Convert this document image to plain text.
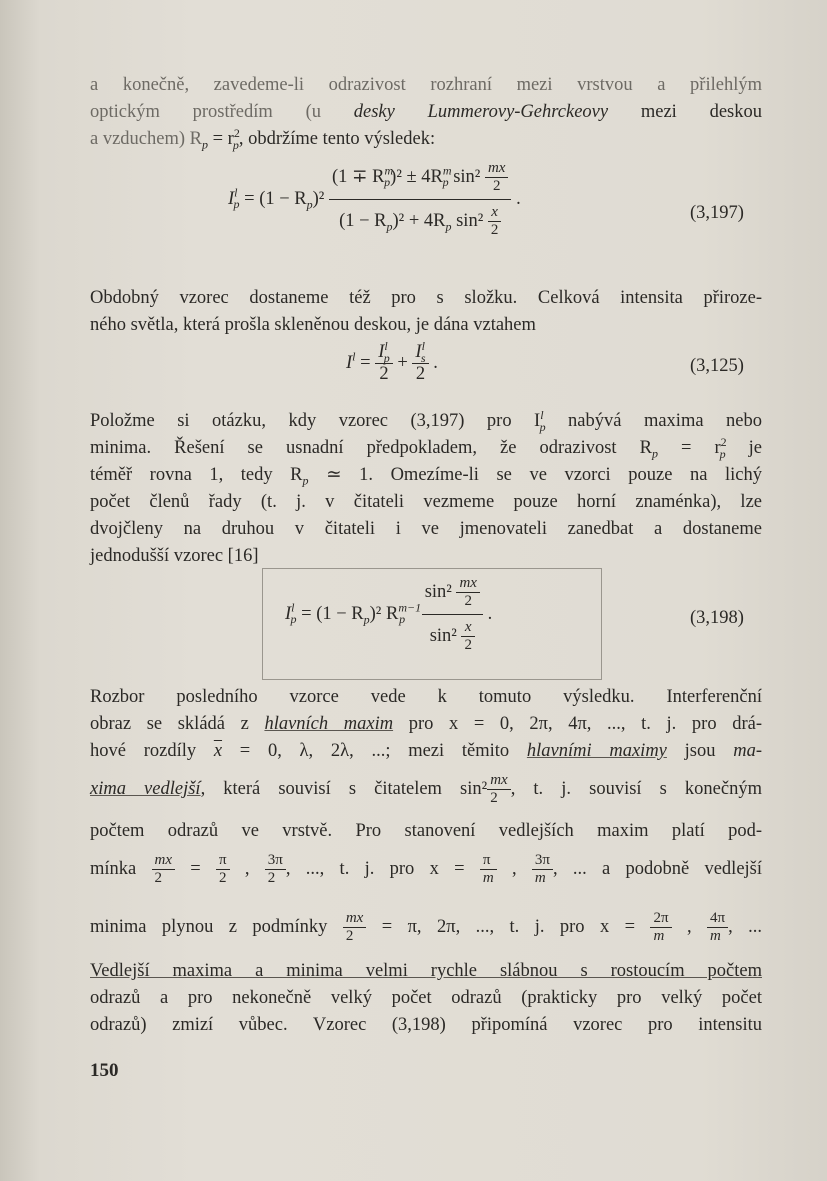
a konečně, zavedeme-li odrazivost rozhraní mezi vrstvou a přilehlým
optickým prostředím (u desky Lummerovy-Gehrckeovy mezi deskou
a vzduchem) $R_p = r^2_p$, obdržíme tento výsledek:
$I^l_p = (1 - R_p)^2 \frac{(1 \mp R^m_p)^2 \pm 4R^m_p \sin^2 \frac{mx}{2}}{(1 - R_p)^2 + 4R_p \sin^2 \frac{x}{2}}$ .
(3,197)
Obdobný vzorec dostaneme též pro s složku. Celková intensita přiroze-
ného světla, která prošla skleněnou deskou, je dána vztahem
$I^l = \frac{I^l_p}{2} + \frac{I^l_s}{2}$ .	(3,125)
Položme si otázku, kdy vzorec (3,197) pro $I^l_p$ nabývá maxima nebo
minima. Řešení se usnadní předpokladem, že odrazivost $R_p = r^2_p$ je
téměř rovna 1, tedy $R_p$ ≃ 1. Omezíme-li se ve vzorci pouze na lichý
počet členů řady (t. j. v čitateli vezmeme pouze horní znaménka), lze
dvojčleny na druhou v čitateli i ve jmenovateli zanedbat a dostaneme
jednodušší vzorec [16]
$I^l_p = (1 - R_p)^2$ $R^{m-1}_p \frac{\sin^2 \frac{mx}{2}}{\sin^2 \frac{x}{2}}$ .	(3,198)
Rozbor posledního vzorce vede k tomuto výsledku. Interferenční
obraz se skládá z hlavních maxim pro x = 0, 2π, 4π, ..., t. j. pro drá-
hové rozdíly $\overline{x} = 0$, λ, 2λ, ...; mezi těmito hlavními maximy jsou ma-
xima vedlejší, která souvisí s čitatelem $\sin^2 \frac{mx}{2}$ , t. j. souvisí s konečným
počtem odrazů ve vrstvě. Pro stanovení vedlejších maxim platí pod-
mínka $\frac{mx}{2} = \frac{\pi}{2}$ , $\frac{3\pi}{2}$ , ..., t. j. pro $x = \frac{\pi}{m}$ , $\frac{3\pi}{m}$ , ... a podobně vedlejší
minima plynou z podmínky $\frac{mx}{2} = \pi$, 2π, ..., t. j. pro $x = \frac{2\pi}{m}$ , $\frac{4\pi}{m}$ , ...
Vedlejší maxima a minima velmi rychle slábnou s rostoucím počtem
odrazů a pro nekonečně velký počet odrazů (prakticky pro velký počet
odrazů) zmizí vůbec. Vzorec (3,198) připomíná vzorec pro intensitu
150
